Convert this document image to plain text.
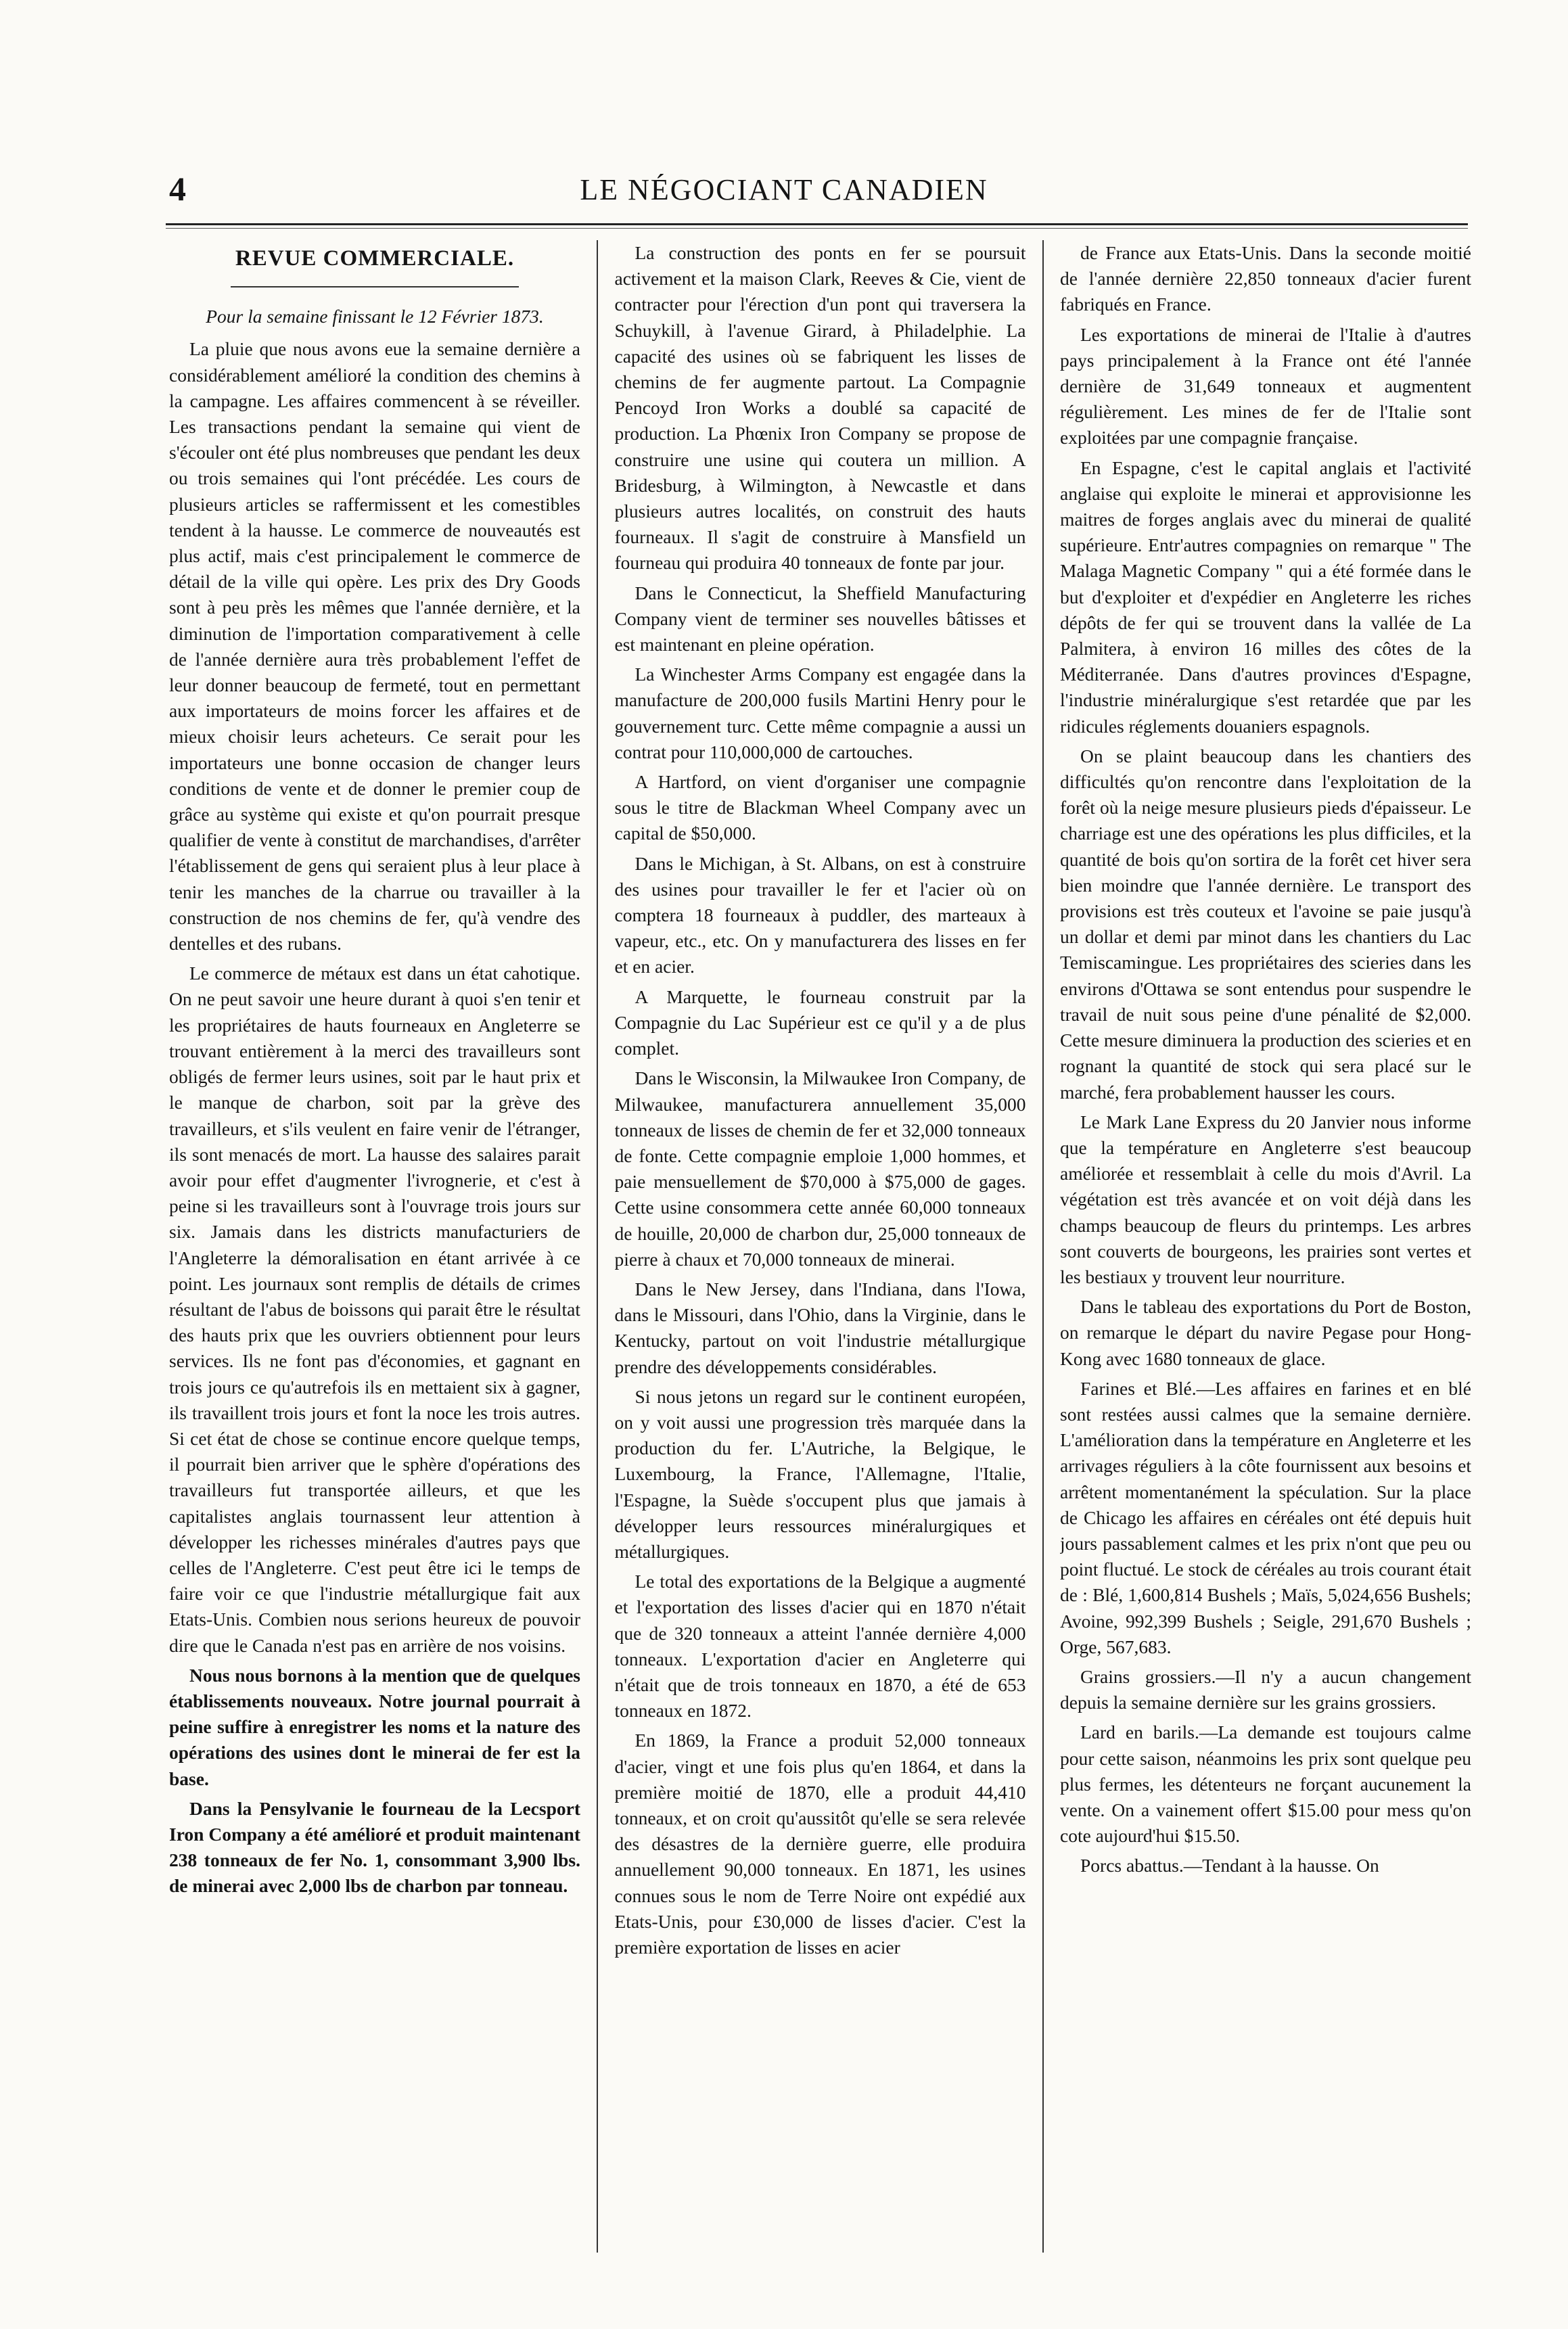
4	LE NÉGOCIANT CANADIEN
REVUE COMMERCIALE.
Pour la semaine finissant le 12 Février 1873.

La pluie que nous avons eue la semaine dernière a considérablement amélioré la condition des chemins à la campagne. Les affaires commencent à se réveiller. Les transactions pendant la semaine qui vient de s'écouler ont été plus nombreuses que pendant les deux ou trois semaines qui l'ont précédée. Les cours de plusieurs articles se raffermissent et les comestibles tendent à la hausse. Le commerce de nouveautés est plus actif, mais c'est principalement le commerce de détail de la ville qui opère. Les prix des Dry Goods sont à peu près les mêmes que l'année dernière, et la diminution de l'importation comparativement à celle de l'année dernière aura très probablement l'effet de leur donner beaucoup de fermeté, tout en permettant aux importateurs de moins forcer les affaires et de mieux choisir leurs acheteurs. Ce serait pour les importateurs une bonne occasion de changer leurs conditions de vente et de donner le premier coup de grâce au système qui existe et qu'on pourrait presque qualifier de vente à constitut de marchandises, d'arrêter l'établissement de gens qui seraient plus à leur place à tenir les manches de la charrue ou travailler à la construction de nos chemins de fer, qu'à vendre des dentelles et des rubans.

Le commerce de métaux est dans un état cahotique. On ne peut savoir une heure durant à quoi s'en tenir et les propriétaires de hauts fourneaux en Angleterre se trouvant entièrement à la merci des travailleurs sont obligés de fermer leurs usines, soit par le haut prix et le manque de charbon, soit par la grève des travailleurs, et s'ils veulent en faire venir de l'étranger, ils sont menacés de mort. La hausse des salaires parait avoir pour effet d'augmenter l'ivrognerie, et c'est à peine si les travailleurs sont à l'ouvrage trois jours sur six. Jamais dans les districts manufacturiers de l'Angleterre la démoralisation en étant arrivée à ce point. Les journaux sont remplis de détails de crimes résultant de l'abus de boissons qui parait être le résultat des hauts prix que les ouvriers obtiennent pour leurs services. Ils ne font pas d'économies, et gagnant en trois jours ce qu'autrefois ils en mettaient six à gagner, ils travaillent trois jours et font la noce les trois autres. Si cet état de chose se continue encore quelque temps, il pourrait bien arriver que le sphère d'opérations des travailleurs fut transportée ailleurs, et que les capitalistes anglais tournassent leur attention à développer les richesses minérales d'autres pays que celles de l'Angleterre. C'est peut être ici le temps de faire voir ce que l'industrie métallurgique fait aux Etats-Unis. Combien nous serions heureux de pouvoir dire que le Canada n'est pas en arrière de nos voisins.

Nous nous bornons à la mention que de quelques établissements nouveaux. Notre journal pourrait à peine suffire à enregistrer les noms et la nature des opérations des usines dont le minerai de fer est la base.

Dans la Pensylvanie le fourneau de la Lecsport Iron Company a été amélioré et produit maintenant 238 tonneaux de fer No. 1, consommant 3,900 lbs. de minerai avec 2,000 lbs de charbon par tonneau.

La construction des ponts en fer se poursuit activement et la maison Clark, Reeves & Cie, vient de contracter pour l'érection d'un pont qui traversera la Schuykill, à l'avenue Girard, à Philadelphie. La capacité des usines où se fabriquent les lisses de chemins de fer augmente partout. La Compagnie Pencoyd Iron Works a doublé sa capacité de production. La Phœnix Iron Company se propose de construire une usine qui coutera un million. A Bridesburg, à Wilmington, à Newcastle et dans plusieurs autres localités, on construit des hauts fourneaux. Il s'agit de construire à Mansfield un fourneau qui produira 40 tonneaux de fonte par jour.

Dans le Connecticut, la Sheffield Manufacturing Company vient de terminer ses nouvelles bâtisses et est maintenant en pleine opération.

La Winchester Arms Company est engagée dans la manufacture de 200,000 fusils Martini Henry pour le gouvernement turc. Cette même compagnie a aussi un contrat pour 110,000,000 de cartouches.

A Hartford, on vient d'organiser une compagnie sous le titre de Blackman Wheel Company avec un capital de $50,000.

Dans le Michigan, à St. Albans, on est à construire des usines pour travailler le fer et l'acier où on comptera 18 fourneaux à puddler, des marteaux à vapeur, etc., etc. On y manufacturera des lisses en fer et en acier.

A Marquette, le fourneau construit par la Compagnie du Lac Supérieur est ce qu'il y a de plus complet.

Dans le Wisconsin, la Milwaukee Iron Company, de Milwaukee, manufacturera annuellement 35,000 tonneaux de lisses de chemin de fer et 32,000 tonneaux de fonte. Cette compagnie emploie 1,000 hommes, et paie mensuellement de $70,000 à $75,000 de gages. Cette usine consommera cette année 60,000 tonneaux de houille, 20,000 de charbon dur, 25,000 tonneaux de pierre à chaux et 70,000 tonneaux de minerai.

Dans le New Jersey, dans l'Indiana, dans l'Iowa, dans le Missouri, dans l'Ohio, dans la Virginie, dans le Kentucky, partout on voit l'industrie métallurgique prendre des développements considérables.

Si nous jetons un regard sur le continent européen, on y voit aussi une progression très marquée dans la production du fer. L'Autriche, la Belgique, le Luxembourg, la France, l'Allemagne, l'Italie, l'Espagne, la Suède s'occupent plus que jamais à développer leurs ressources minéralurgiques et métallurgiques.

Le total des exportations de la Belgique a augmenté et l'exportation des lisses d'acier qui en 1870 n'était que de 320 tonneaux a atteint l'année dernière 4,000 tonneaux. L'exportation d'acier en Angleterre qui n'était que de trois tonneaux en 1870, a été de 653 tonneaux en 1872.

En 1869, la France a produit 52,000 tonneaux d'acier, vingt et une fois plus qu'en 1864, et dans la première moitié de 1870, elle a produit 44,410 tonneaux, et on croit qu'aussitôt qu'elle se sera relevée des désastres de la dernière guerre, elle produira annuellement 90,000 tonneaux. En 1871, les usines connues sous le nom de Terre Noire ont expédié aux Etats-Unis, pour £30,000 de lisses d'acier. C'est la première exportation de lisses en acier

de France aux Etats-Unis. Dans la seconde moitié de l'année dernière 22,850 tonneaux d'acier furent fabriqués en France.

Les exportations de minerai de l'Italie à d'autres pays principalement à la France ont été l'année dernière de 31,649 tonneaux et augmentent régulièrement. Les mines de fer de l'Italie sont exploitées par une compagnie française.

En Espagne, c'est le capital anglais et l'activité anglaise qui exploite le minerai et approvisionne les maitres de forges anglais avec du minerai de qualité supérieure. Entr'autres compagnies on remarque " The Malaga Magnetic Company " qui a été formée dans le but d'exploiter et d'expédier en Angleterre les riches dépôts de fer qui se trouvent dans la vallée de La Palmitera, à environ 16 milles des côtes de la Méditerranée. Dans d'autres provinces d'Espagne, l'industrie minéralurgique s'est retardée que par les ridicules réglements douaniers espagnols.

On se plaint beaucoup dans les chantiers des difficultés qu'on rencontre dans l'exploitation de la forêt où la neige mesure plusieurs pieds d'épaisseur. Le charriage est une des opérations les plus difficiles, et la quantité de bois qu'on sortira de la forêt cet hiver sera bien moindre que l'année dernière. Le transport des provisions est très couteux et l'avoine se paie jusqu'à un dollar et demi par minot dans les chantiers du Lac Temiscamingue. Les propriétaires des scieries dans les environs d'Ottawa se sont entendus pour suspendre le travail de nuit sous peine d'une pénalité de $2,000. Cette mesure diminuera la production des scieries et en rognant la quantité de stock qui sera placé sur le marché, fera probablement hausser les cours.

Le Mark Lane Express du 20 Janvier nous informe que la température en Angleterre s'est beaucoup améliorée et ressemblait à celle du mois d'Avril. La végétation est très avancée et on voit déjà dans les champs beaucoup de fleurs du printemps. Les arbres sont couverts de bourgeons, les prairies sont vertes et les bestiaux y trouvent leur nourriture.

Dans le tableau des exportations du Port de Boston, on remarque le départ du navire Pegase pour Hong-Kong avec 1680 tonneaux de glace.

Farines et Blé.—Les affaires en farines et en blé sont restées aussi calmes que la semaine dernière. L'amélioration dans la température en Angleterre et les arrivages réguliers à la côte fournissent aux besoins et arrêtent momentanément la spéculation. Sur la place de Chicago les affaires en céréales ont été depuis huit jours passablement calmes et les prix n'ont que peu ou point fluctué. Le stock de céréales au trois courant était de : Blé, 1,600,814 Bushels ; Maïs, 5,024,656 Bushels; Avoine, 992,399 Bushels ; Seigle, 291,670 Bushels ; Orge, 567,683.

Grains grossiers.—Il n'y a aucun changement depuis la semaine dernière sur les grains grossiers.

Lard en barils.—La demande est toujours calme pour cette saison, néanmoins les prix sont quelque peu plus fermes, les détenteurs ne forçant aucunement la vente. On a vainement offert $15.00 pour mess qu'on cote aujourd'hui $15.50.

Porcs abattus.—Tendant à la hausse. On
